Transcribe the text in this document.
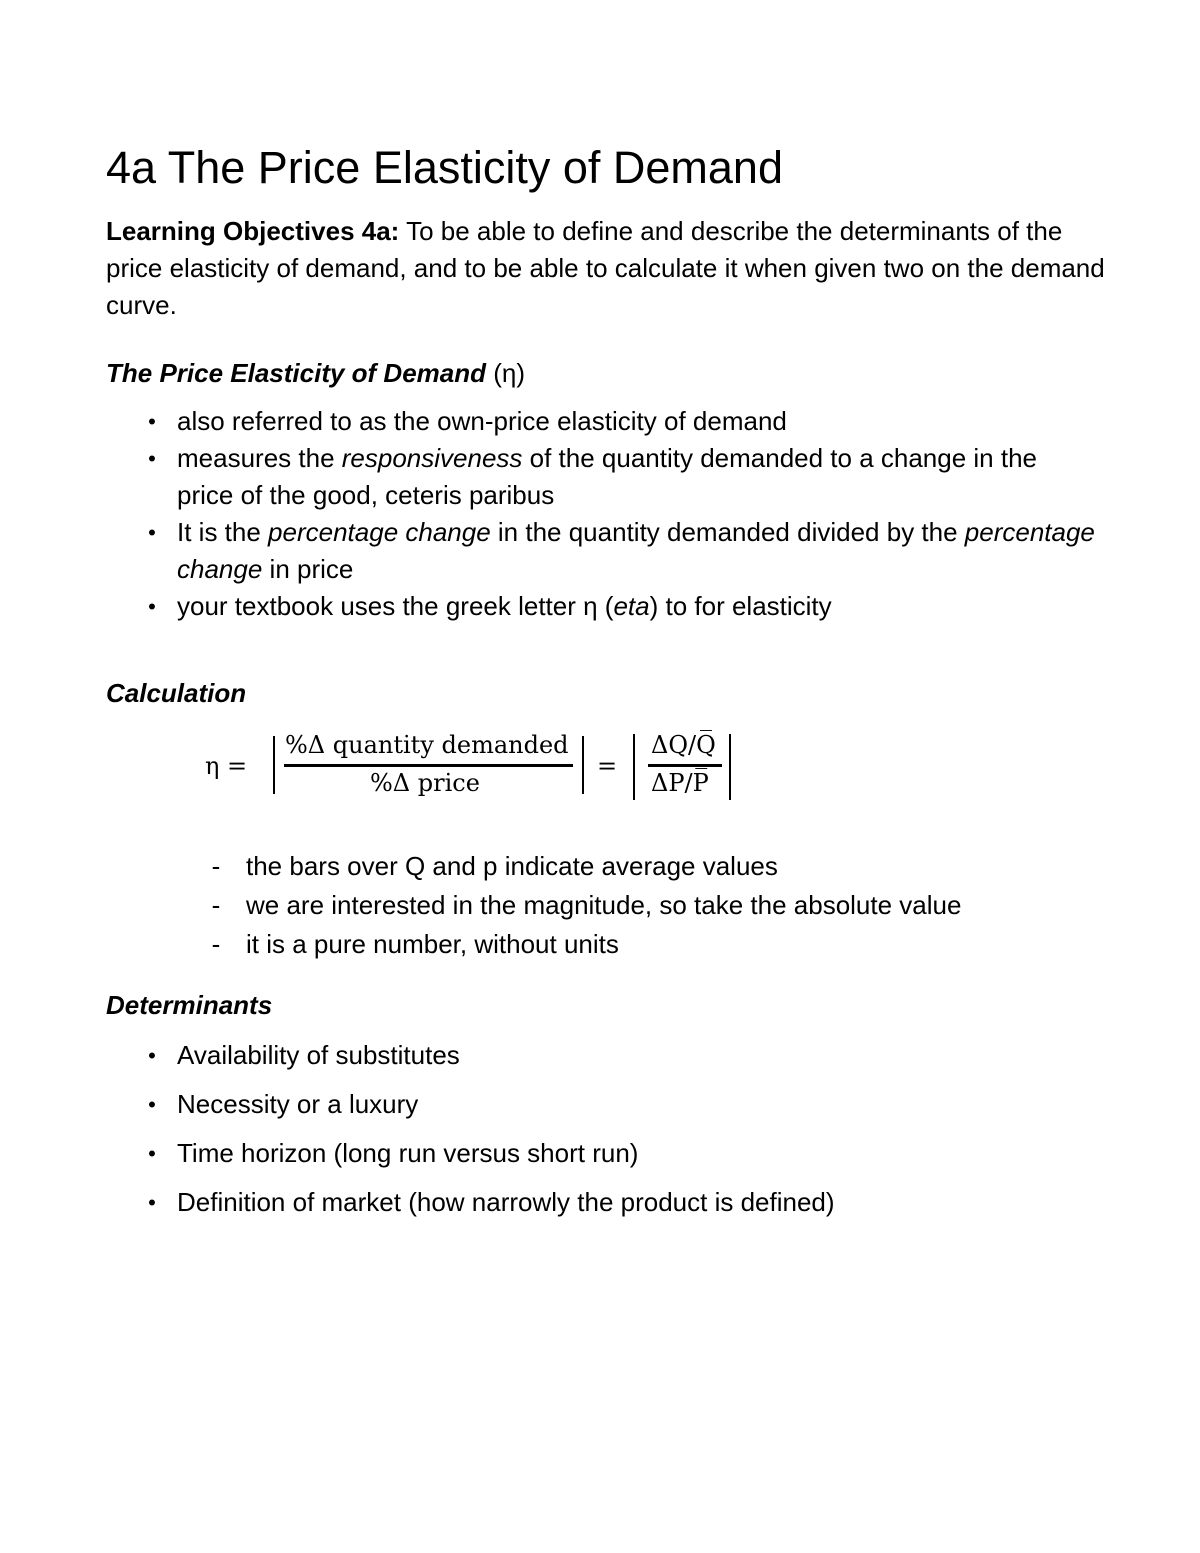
4a The Price Elasticity of Demand

Learning Objectives 4a: To be able to define and describe the determinants of the price elasticity of demand, and to be able to calculate it when given two on the demand curve.

The Price Elasticity of Demand (η)
• also referred to as the own-price elasticity of demand
• measures the responsiveness of the quantity demanded to a change in the price of the good, ceteris paribus
• It is the percentage change in the quantity demanded divided by the percentage change in price
• your textbook uses the greek letter η (eta) to for elasticity
Calculation
η =
%Δ quantity demanded
%Δ price
=
ΔQ/Q̅
ΔP/P̅
- the bars over Q and p indicate average values
- we are interested in the magnitude, so take the absolute value
- it is a pure number, without units
Determinants
• Availability of substitutes
• Necessity or a luxury
• Time horizon (long run versus short run)
• Definition of market (how narrowly the product is defined)
